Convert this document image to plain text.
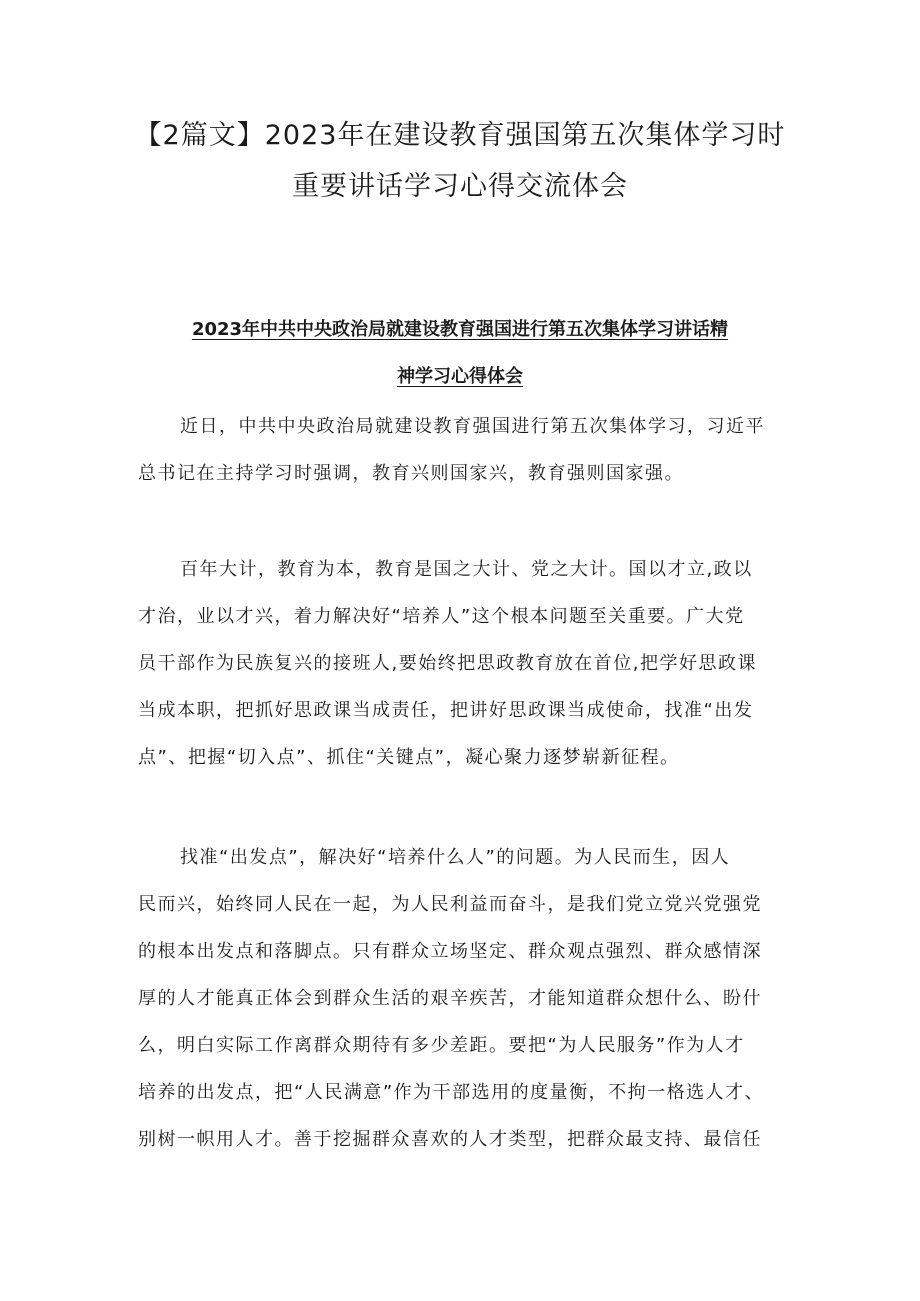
【2篇文】2023年在建设教育强国第五次集体学习时
重要讲话学习心得交流体会
2023年中共中央政治局就建设教育强国进行第五次集体学习讲话精
神学习心得体会

近日，中共中央政治局就建设教育强国进行第五次集体学习，习近平

总书记在主持学习时强调，教育兴则国家兴，教育强则国家强。

百年大计，教育为本，教育是国之大计、党之大计。国以才立,政以

才治，业以才兴，着力解决好“培养人”这个根本问题至关重要。广大党

员干部作为民族复兴的接班人,要始终把思政教育放在首位,把学好思政课

当成本职，把抓好思政课当成责任，把讲好思政课当成使命，找准“出发

点”、把握“切入点”、抓住“关键点”，凝心聚力逐梦崭新征程。

找准“出发点”，解决好“培养什么人”的问题。为人民而生，因人

民而兴，始终同人民在一起，为人民利益而奋斗，是我们党立党兴党强党

的根本出发点和落脚点。只有群众立场坚定、群众观点强烈、群众感情深

厚的人才能真正体会到群众生活的艰辛疾苦，才能知道群众想什么、盼什

么，明白实际工作离群众期待有多少差距。要把“为人民服务”作为人才

培养的出发点，把“人民满意”作为干部选用的度量衡，不拘一格选人才、

别树一帜用人才。善于挖掘群众喜欢的人才类型，把群众最支持、最信任
